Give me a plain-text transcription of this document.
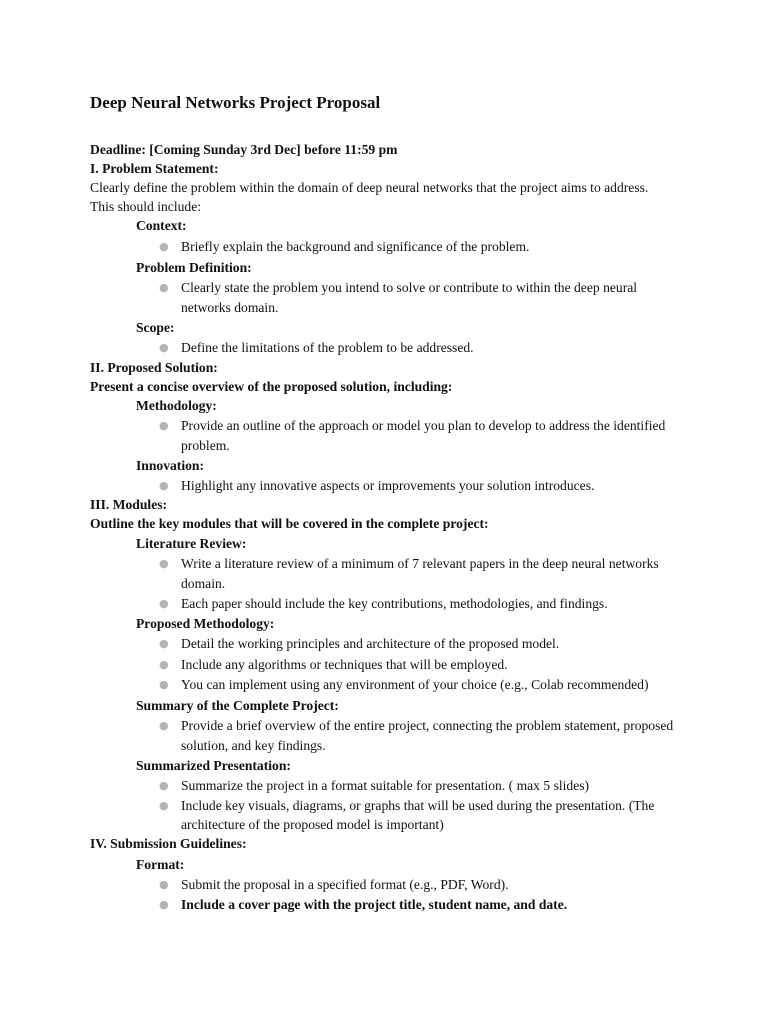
Deep Neural Networks Project Proposal
Deadline: [Coming Sunday 3rd Dec] before 11:59 pm
I. Problem Statement:
Clearly define the problem within the domain of deep neural networks that the project aims to address.
This should include:
Context:
● Briefly explain the background and significance of the problem.
Problem Definition:
● Clearly state the problem you intend to solve or contribute to within the deep neural networks domain.
Scope:
● Define the limitations of the problem to be addressed.
II. Proposed Solution:
Present a concise overview of the proposed solution, including:
Methodology:
● Provide an outline of the approach or model you plan to develop to address the identified problem.
Innovation:
● Highlight any innovative aspects or improvements your solution introduces.
III. Modules:
Outline the key modules that will be covered in the complete project:
Literature Review:
● Write a literature review of a minimum of 7 relevant papers in the deep neural networks domain.
● Each paper should include the key contributions, methodologies, and findings.
Proposed Methodology:
● Detail the working principles and architecture of the proposed model.
● Include any algorithms or techniques that will be employed.
● You can implement using any environment of your choice (e.g., Colab recommended)
Summary of the Complete Project:
● Provide a brief overview of the entire project, connecting the problem statement, proposed solution, and key findings.
Summarized Presentation:
● Summarize the project in a format suitable for presentation. ( max 5 slides)
● Include key visuals, diagrams, or graphs that will be used during the presentation. (The architecture of the proposed model is important)
IV. Submission Guidelines:
Format:
● Submit the proposal in a specified format (e.g., PDF, Word).
● Include a cover page with the project title, student name, and date.
